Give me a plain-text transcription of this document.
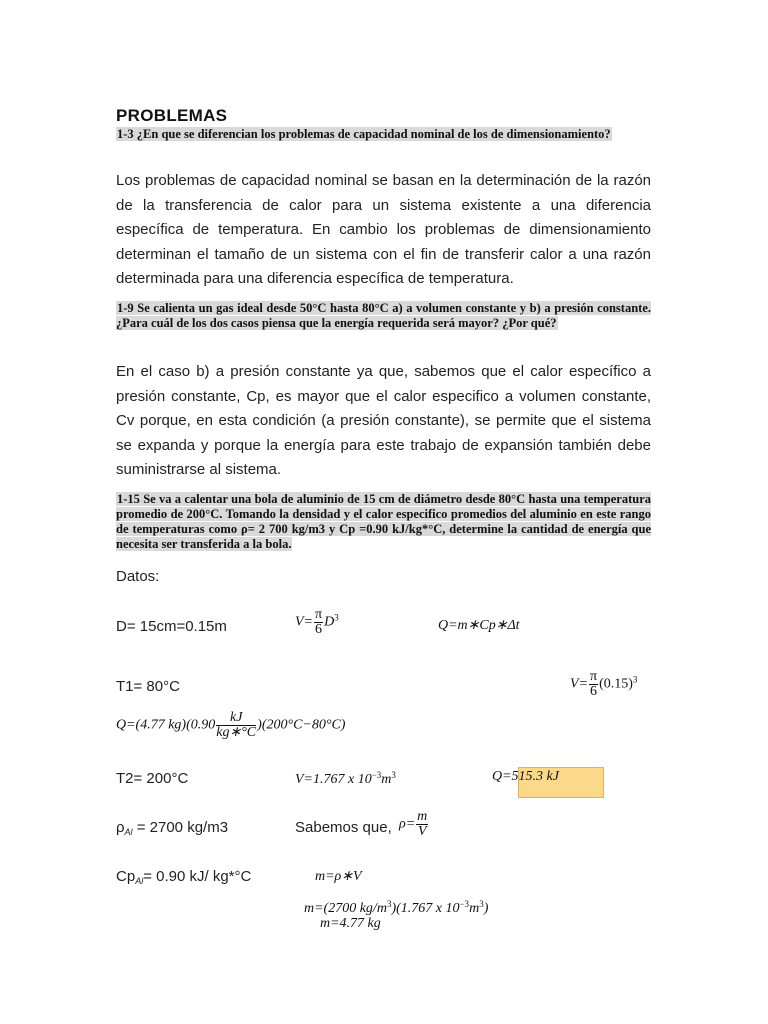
PROBLEMAS
1-3 ¿En que se diferencian los problemas de capacidad nominal de los de dimensionamiento?
Los problemas de capacidad nominal se basan en la determinación de la razón de la transferencia de calor para un sistema existente a una diferencia específica de temperatura. En cambio los problemas de dimensionamiento determinan el tamaño de un sistema con el fin de transferir calor a una razón determinada para una diferencia específica de temperatura.
1-9 Se calienta un gas ideal desde 50°C hasta 80°C a) a volumen constante y b) a presión constante. ¿Para cuál de los dos casos piensa que la energía requerida será mayor? ¿Por qué?
En el caso b) a presión constante ya que, sabemos que el calor específico a presión constante, Cp, es mayor que el calor especifico a volumen constante, Cv porque, en esta condición (a presión constante), se permite que el sistema se expanda y porque la energía para este trabajo de expansión también debe suministrarse al sistema.
1-15 Se va a calentar una bola de aluminio de 15 cm de diámetro desde 80°C hasta una temperatura promedio de 200°C. Tomando la densidad y el calor especifico promedios del aluminio en este rango de temperaturas como ρ= 2 700 kg/m3 y Cp =0.90 kJ/kg*°C, determine la cantidad de energía que necesita ser transferida a la bola.
Datos:
D= 15cm=0.15m	$V= \frac{\pi}{6} D^3$
Q=m∗Cp∗Δt
T1= 80°C	$V= \frac{\pi}{6} (0.15)^3$
Q=(4.77 $kg)(0.90 \frac{kJ}{kg∗^\circ C} )(200^\circ C-80^\circ C)$
T2= 200°C	V=1.767 x $10^{-3}m^3$	Q=515.3 kJ
$\rho_{Al} = 2700$ kg/m3	Sabemos que, $\rho= \frac{m}{V}$
$Cp_{Al}= 0.90$ kJ/ kg*°C	m=ρ∗V
m=(2700 $kg/m^3)(1.767$ x $10^{-3}m^3$)
m=4.77 kg
